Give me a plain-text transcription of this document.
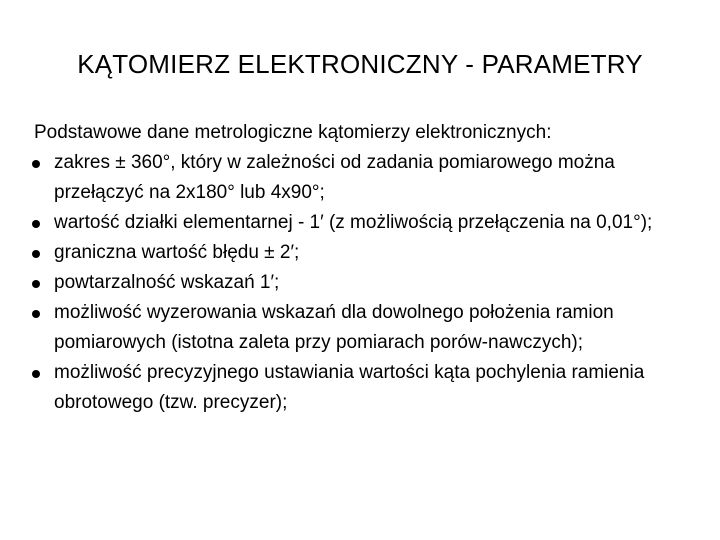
KĄTOMIERZ ELEKTRONICZNY - PARAMETRY

Podstawowe dane metrologiczne kątomierzy elektronicznych:

zakres ± 360°, który w zależności od zadania pomiarowego można przełączyć na 2x180° lub 4x90°;
wartość działki elementarnej - 1′ (z możliwością przełączenia na 0,01°);
graniczna wartość błędu ± 2′;
powtarzalność wskazań 1′;
możliwość wyzerowania wskazań dla dowolnego położenia ramion pomiarowych (istotna zaleta przy pomiarach porów-nawczych);
możliwość precyzyjnego ustawiania wartości kąta pochylenia ramienia obrotowego (tzw. precyzer);
